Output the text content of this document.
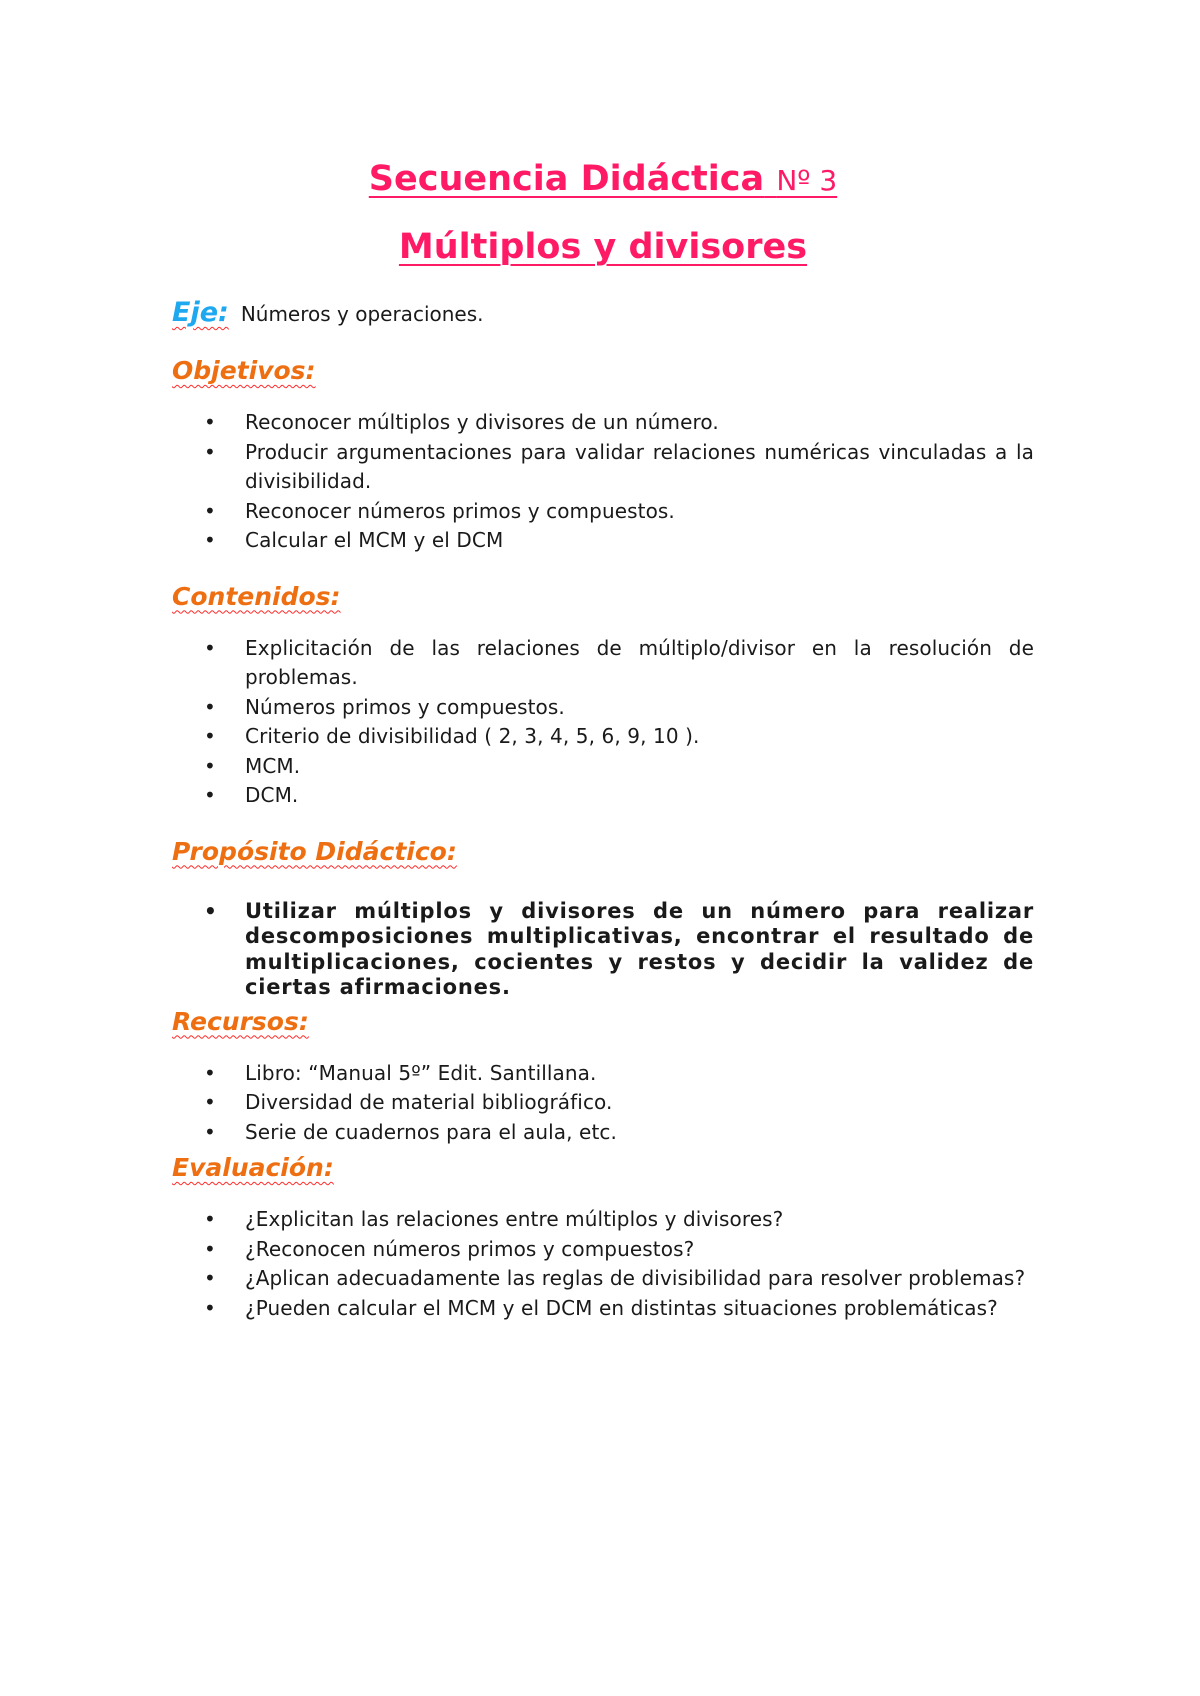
Secuencia Didáctica Nº 3
Múltiplos y divisores
Eje: Números y operaciones.
Objetivos:
• Reconocer múltiplos y divisores de un número.
• Producir argumentaciones para validar relaciones numéricas vinculadas a la divisibilidad.
• Reconocer números primos y compuestos.
• Calcular el MCM y el DCM
Contenidos:
• Explicitación de las relaciones de múltiplo/divisor en la resolución de problemas.
• Números primos y compuestos.
• Criterio de divisibilidad ( 2, 3, 4, 5, 6, 9, 10 ).
• MCM.
• DCM.
Propósito Didáctico:
• Utilizar múltiplos y divisores de un número para realizar descomposiciones multiplicativas, encontrar el resultado de multiplicaciones, cocientes y restos y decidir la validez de ciertas afirmaciones.
Recursos:
• Libro: “Manual 5º” Edit. Santillana.
• Diversidad de material bibliográfico.
• Serie de cuadernos para el aula, etc.
Evaluación:
• ¿Explicitan las relaciones entre múltiplos y divisores?
• ¿Reconocen números primos y compuestos?
• ¿Aplican adecuadamente las reglas de divisibilidad para resolver problemas?
• ¿Pueden calcular el MCM y el DCM en distintas situaciones problemáticas?
